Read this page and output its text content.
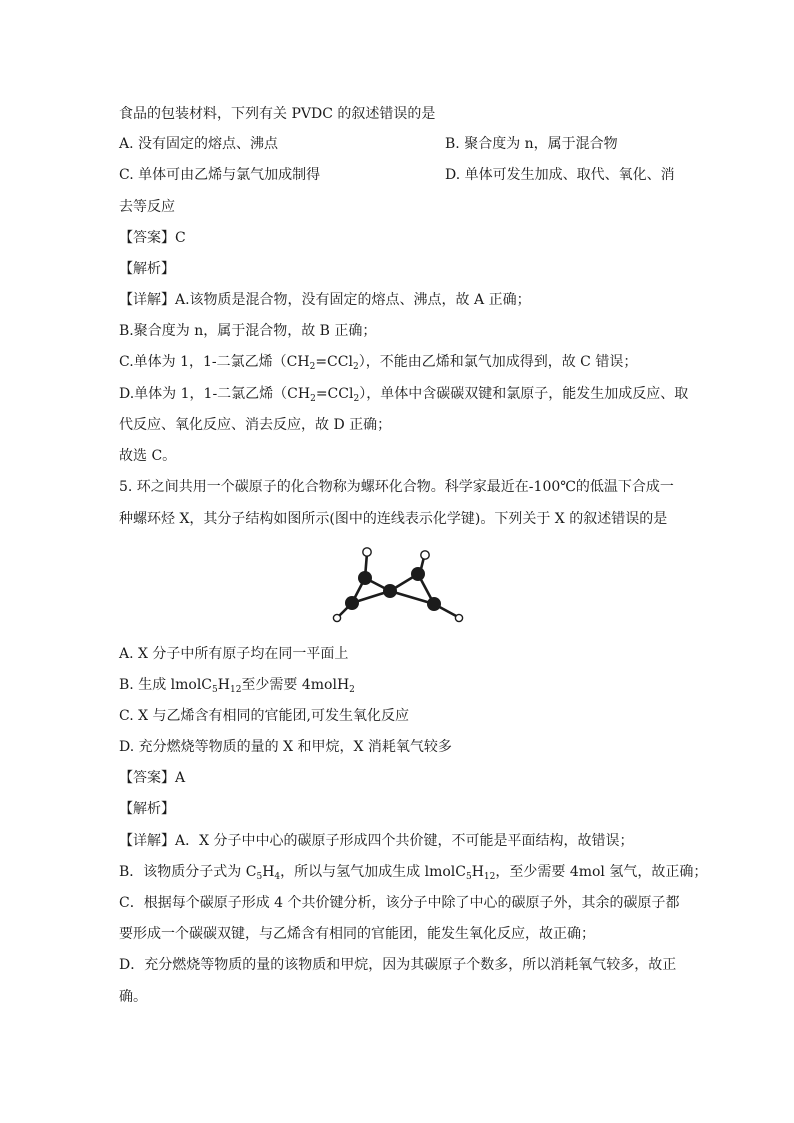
食品的包装材料，下列有关 PVDC 的叙述错误的是
A. 没有固定的熔点、沸点	B. 聚合度为 n，属于混合物
C. 单体可由乙烯与氯气加成制得	D. 单体可发生加成、取代、氧化、消
去等反应
【答案】C
【解析】
【详解】A.该物质是混合物，没有固定的熔点、沸点，故 A 正确；
B.聚合度为 n，属于混合物，故 B 正确；
C.单体为 1，1-二氯乙烯$(CH_2=CCl_2)$，不能由乙烯和氯气加成得到，故 C 错误；
D.单体为 1，1-二氯乙烯$(CH_2=CCl_2)$，单体中含碳碳双键和氯原子，能发生加成反应、取
代反应、氧化反应、消去反应，故 D 正确；
故选 C。
5. 环之间共用一个碳原子的化合物称为螺环化合物。科学家最近在-100℃的低温下合成一
种螺环烃 X，其分子结构如图所示(图中的连线表示化学键)。下列关于 X 的叙述错误的是
A. X 分子中所有原子均在同一平面上
B. 生成 $lmolC_5H_{12}$至少需要 4molH$_2$
C. X 与乙烯含有相同的官能团,可发生氧化反应
D. 充分燃烧等物质的量的 X 和甲烷，X 消耗氧气较多
【答案】A
【解析】
【详解】A．X 分子中中心的碳原子形成四个共价键，不可能是平面结构，故错误；
B．该物质分子式为 $C_5H_4$，所以与氢气加成生成 $lmolC_5H_{12}$，至少需要 4mol 氢气，故正确；
C．根据每个碳原子形成 4 个共价键分析，该分子中除了中心的碳原子外，其余的碳原子都
要形成一个碳碳双键，与乙烯含有相同的官能团，能发生氧化反应，故正确；
D．充分燃烧等物质的量的该物质和甲烷，因为其碳原子个数多，所以消耗氧气较多，故正
确。
